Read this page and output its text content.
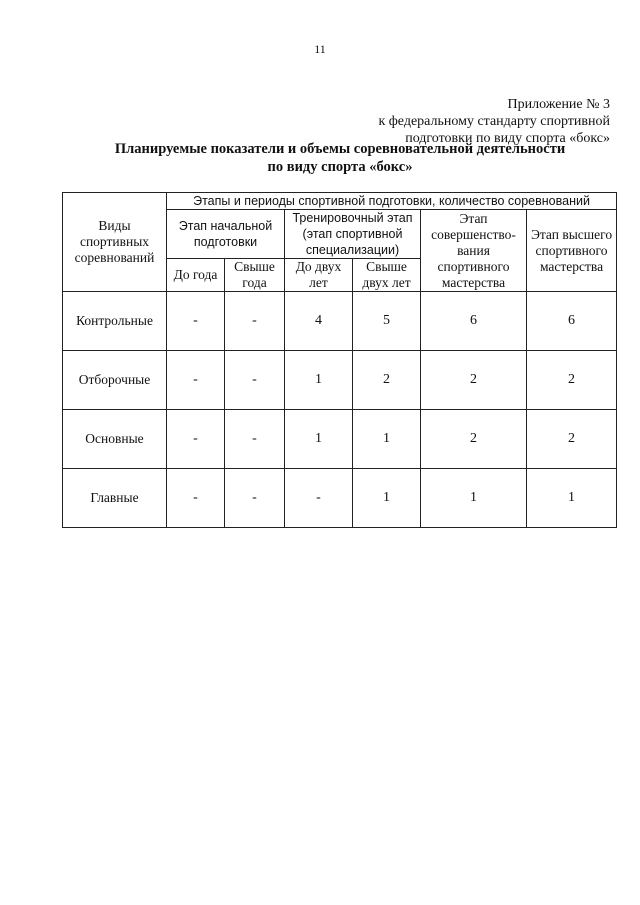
11
Приложение № 3
к федеральному стандарту спортивной
подготовки по виду спорта «бокс»
Планируемые показатели и объемы соревновательной деятельности
по виду спорта «бокс»
Виды спортивных соревнований	Этапы и периоды спортивной подготовки, количество соревнований					
	Этап начальной подготовки		Тренировочный этап (этап спортивной специализации)		Этап совершенство-вания спортивного мастерства	Этап высшего спортивного мастерства
	До года	Свыше года	До двух лет	Свыше двух лет		
Контрольные	-	-	4	5	6	6
Отборочные	-	-	1	2	2	2
Основные	-	-	1	1	2	2
Главные	-	-	-	1	1	1
